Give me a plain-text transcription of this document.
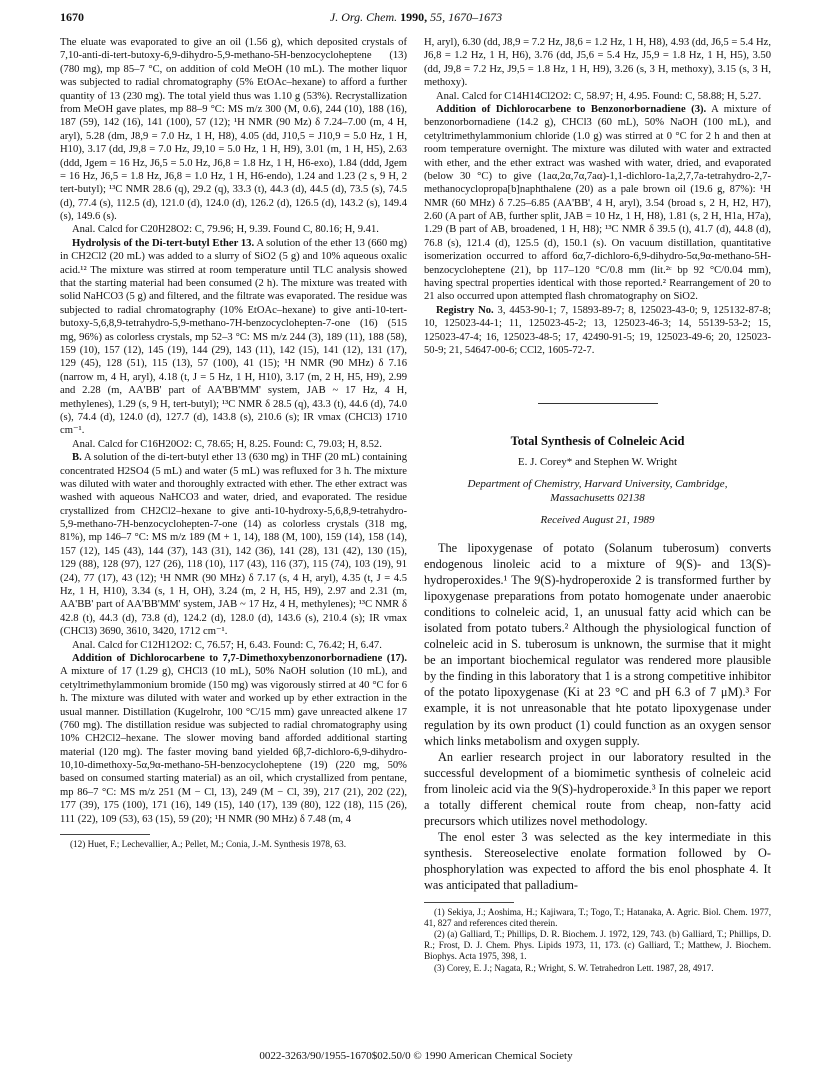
1670	J. Org. Chem. 1990, 55, 1670–1673

The eluate was evaporated to give an oil (1.56 g), which deposited crystals of 7,10-anti-di-tert-butoxy-6,9-dihydro-5,9-methano-5H-benzocycloheptene (13) (780 mg), mp 85–7 °C, on addition of cold MeOH (10 mL). The mother liquor was subjected to radial chromatography (5% EtOAc–hexane) to afford a further quantity of 13 (230 mg). The total yield thus was 1.10 g (53%). Recrystallization from MeOH gave plates, mp 88–9 °C: MS m/z 300 (M, 0.6), 244 (10), 188 (16), 187 (59), 142 (16), 141 (100), 57 (12); ¹H NMR (90 Mz) δ 7.24–7.00 (m, 4 H, aryl), 5.28 (dm, J8,9 = 7.0 Hz, 1 H, H8), 4.05 (dd, J10,5 = J10,9 = 5.0 Hz, 1 H, H10), 3.17 (dd, J9,8 = 7.0 Hz, J9,10 = 5.0 Hz, 1 H, H9), 3.01 (m, 1 H, H5), 2.63 (ddd, Jgem = 16 Hz, J6,5 = 5.0 Hz, J6,8 = 1.8 Hz, 1 H, H6-exo), 1.84 (ddd, Jgem = 16 Hz, J6,5 = 1.8 Hz, J6,8 = 1.0 Hz, 1 H, H6-endo), 1.24 and 1.23 (2 s, 9 H, 2 tert-butyl); ¹³C NMR 28.6 (q), 29.2 (q), 33.3 (t), 44.3 (d), 44.5 (d), 73.5 (s), 74.5 (d), 77.4 (s), 112.5 (d), 121.0 (d), 124.0 (d), 126.2 (d), 126.5 (d), 143.2 (s), 149.4 (s), 149.6 (s).

Anal. Calcd for C20H28O2: C, 79.96; H, 9.39. Found C, 80.16; H, 9.41.

Hydrolysis of the Di-tert-butyl Ether 13. A solution of the ether 13 (660 mg) in CH2Cl2 (20 mL) was added to a slurry of SiO2 (5 g) and 10% aqueous oxalic acid.¹² The mixture was stirred at room temperature until TLC analysis showed that the starting material had been consumed (2 h). The mixture was treated with solid NaHCO3 (5 g) and filtered, and the filtrate was evaporated. The residue was subjected to radial chromatography (10% EtOAc–hexane) to give anti-10-tert-butoxy-5,6,8,9-tetrahydro-5,9-methano-7H-benzocyclohepten-7-one (16) (515 mg, 96%) as colorless crystals, mp 52–3 °C: MS m/z 244 (3), 189 (11), 188 (58), 159 (10), 157 (12), 145 (19), 144 (29), 143 (11), 142 (15), 141 (12), 131 (17), 129 (45), 128 (51), 115 (13), 57 (100), 41 (15); ¹H NMR (90 MHz) δ 7.16 (narrow m, 4 H, aryl), 4.18 (t, J = 5 Hz, 1 H, H10), 3.17 (m, 2 H, H5, H9), 2.99 and 2.28 (m, AA'BB' part of AA'BB'MM' system, JAB ~ 17 Hz, 4 H, methylenes), 1.29 (s, 9 H, tert-butyl); ¹³C NMR δ 28.5 (q), 43.3 (t), 44.6 (d), 74.0 (s), 74.4 (d), 124.0 (d), 127.7 (d), 143.8 (s), 210.6 (s); IR νmax (CHCl3) 1710 cm⁻¹.

Anal. Calcd for C16H20O2: C, 78.65; H, 8.25. Found: C, 79.03; H, 8.52.

B. A solution of the di-tert-butyl ether 13 (630 mg) in THF (20 mL) containing concentrated H2SO4 (5 mL) and water (5 mL) was refluxed for 3 h. The mixture was diluted with water and thoroughly extracted with ether. The ether extract was washed with aqueous NaHCO3 and water, dried, and evaporated. The residue crystallized from CH2Cl2–hexane to give anti-10-hydroxy-5,6,8,9-tetrahydro-5,9-methano-7H-benzocyclohepten-7-one (14) as colorless crystals (318 mg, 81%), mp 146–7 °C: MS m/z 189 (M + 1, 14), 188 (M, 100), 159 (14), 158 (14), 157 (12), 145 (43), 144 (37), 143 (31), 142 (36), 141 (28), 131 (42), 130 (15), 129 (88), 128 (97), 127 (26), 118 (10), 117 (43), 116 (37), 115 (74), 103 (19), 91 (24), 77 (17), 43 (12); ¹H NMR (90 MHz) δ 7.17 (s, 4 H, aryl), 4.35 (t, J = 4.5 Hz, 1 H, H10), 3.34 (s, 1 H, OH), 3.24 (m, 2 H, H5, H9), 2.97 and 2.31 (m, AA'BB' part of AA'BB'MM' system, JAB ~ 17 Hz, 4 H, methylenes); ¹³C NMR δ 42.8 (t), 44.3 (d), 73.8 (d), 124.2 (d), 128.0 (d), 143.6 (s), 210.4 (s); IR νmax (CHCl3) 3690, 3610, 3420, 1712 cm⁻¹.

Anal. Calcd for C12H12O2: C, 76.57; H, 6.43. Found: C, 76.42; H, 6.47.

Addition of Dichlorocarbene to 7,7-Dimethoxybenzonorbornadiene (17). A mixture of 17 (1.29 g), CHCl3 (10 mL), 50% NaOH solution (10 mL), and cetyltrimethylammonium bromide (150 mg) was vigorously stirred at 40 °C for 6 h. The mixture was diluted with water and worked up by ether extraction in the usual manner. Distillation (Kugelrohr, 100 °C/15 mm) gave unreacted alkene 17 (760 mg). The distillation residue was subjected to radial chromatography using 10% CH2Cl2–hexane. The slower moving band afforded additional starting material (120 mg). The faster moving band yielded 6β,7-dichloro-6,9-dihydro-10,10-dimethoxy-5α,9α-methano-5H-benzocycloheptene (19) (220 mg, 50% based on consumed starting material) as an oil, which crystallized from pentane, mp 86–7 °C: MS m/z 251 (M − Cl, 13), 249 (M − Cl, 39), 217 (21), 202 (22), 177 (39), 175 (100), 171 (16), 149 (15), 140 (17), 139 (80), 122 (18), 115 (26), 111 (22), 109 (53), 63 (15), 59 (20); ¹H NMR (90 MHz) δ 7.48 (m, 4

(12) Huet, F.; Lechevallier, A.; Pellet, M.; Conia, J.-M. Synthesis 1978, 63.

H, aryl), 6.30 (dd, J8,9 = 7.2 Hz, J8,6 = 1.2 Hz, 1 H, H8), 4.93 (dd, J6,5 = 5.4 Hz, J6,8 = 1.2 Hz, 1 H, H6), 3.76 (dd, J5,6 = 5.4 Hz, J5,9 = 1.8 Hz, 1 H, H5), 3.50 (dd, J9,8 = 7.2 Hz, J9,5 = 1.8 Hz, 1 H, H9), 3.26 (s, 3 H, methoxy), 3.15 (s, 3 H, methoxy).

Anal. Calcd for C14H14Cl2O2: C, 58.97; H, 4.95. Found: C, 58.88; H, 5.27.

Addition of Dichlorocarbene to Benzonorbornadiene (3). A mixture of benzonorbornadiene (14.2 g), CHCl3 (60 mL), 50% NaOH (100 mL), and cetyltrimethylammonium chloride (1.0 g) was stirred at 0 °C for 2 h and then at room temperature overnight. The mixture was diluted with water and extracted with ether, and the ether extract was washed with water, dried, and evaporated (below 30 °C) to give (1aα,2α,7α,7aα)-1,1-dichloro-1a,2,7,7a-tetrahydro-2,7-methanocyclopropa[b]naphthalene (20) as a pale brown oil (19.6 g, 87%): ¹H NMR (60 MHz) δ 7.25–6.85 (AA'BB', 4 H, aryl), 3.54 (broad s, 2 H, H2, H7), 2.60 (A part of AB, further split, JAB = 10 Hz, 1 H, H8), 1.81 (s, 2 H, H1a, H7a), 1.29 (B part of AB, broadened, 1 H, H8); ¹³C NMR δ 39.5 (t), 41.7 (d), 44.8 (d), 76.8 (s), 121.4 (d), 125.5 (d), 150.1 (s). On vacuum distillation, quantitative isomerization occurred to afford 6α,7-dichloro-6,9-dihydro-5α,9α-methano-5H-benzocycloheptene (21), bp 117–120 °C/0.8 mm (lit.²ᶜ bp 92 °C/0.04 mm), having spectral properties identical with those reported.² Rearrangement of 20 to 21 also occurred upon attempted flash chromatography on SiO2.

Registry No. 3, 4453-90-1; 7, 15893-89-7; 8, 125023-43-0; 9, 125132-87-8; 10, 125023-44-1; 11, 125023-45-2; 13, 125023-46-3; 14, 55139-53-2; 15, 125023-47-4; 16, 125023-48-5; 17, 42490-91-5; 19, 125023-49-6; 20, 125023-50-9; 21, 54647-00-6; CCl2, 1605-72-7.

Total Synthesis of Colneleic Acid

E. J. Corey* and Stephen W. Wright

Department of Chemistry, Harvard University, Cambridge,
Massachusetts 02138

Received August 21, 1989

The lipoxygenase of potato (Solanum tuberosum) converts endogenous linoleic acid to a mixture of 9(S)- and 13(S)-hydroperoxides.¹ The 9(S)-hydroperoxide 2 is transformed further by lipoxygenase preparations from potato homogenate under anaerobic conditions to colneleic acid, 1, an unusual fatty acid which can be isolated from potato tubers.² Although the physiological function of colneleic acid in S. tuberosum is unknown, the surmise that it might be an important biochemical regulator was rendered more plausible by the finding in this laboratory that 1 is a strong competitive inhibitor of the potato lipoxygenase (Ki at 23 °C and pH 6.3 of 7 μM).³ For example, it is not unreasonable that hte potato lipoxygenase under regulation by its own product (1) could function as an oxygen sensor which links metabolism and oxygen supply.

An earlier research project in our laboratory resulted in the successful development of a biomimetic synthesis of colneleic acid from linoleic acid via the 9(S)-hydroperoxide.³ In this paper we report a totally different chemical route from cheap, non-fatty acid precursors which utilizes novel methodology.

The enol ester 3 was selected as the key intermediate in this synthesis. Stereoselective enolate formation followed by O-phosphorylation was expected to afford the bis enol phosphate 4. It was anticipated that palladium-

(1) Sekiya, J.; Aoshima, H.; Kajiwara, T.; Togo, T.; Hatanaka, A. Agric. Biol. Chem. 1977, 41, 827 and references cited therein.

(2) (a) Galliard, T.; Phillips, D. R. Biochem. J. 1972, 129, 743. (b) Galliard, T.; Phillips, D. R.; Frost, D. J. Chem. Phys. Lipids 1973, 11, 173. (c) Galliard, T.; Matthew, J. Biochem. Biophys. Acta 1975, 398, 1.

(3) Corey, E. J.; Nagata, R.; Wright, S. W. Tetrahedron Lett. 1987, 28, 4917.

0022-3263/90/1955-1670$02.50/0 © 1990 American Chemical Society
